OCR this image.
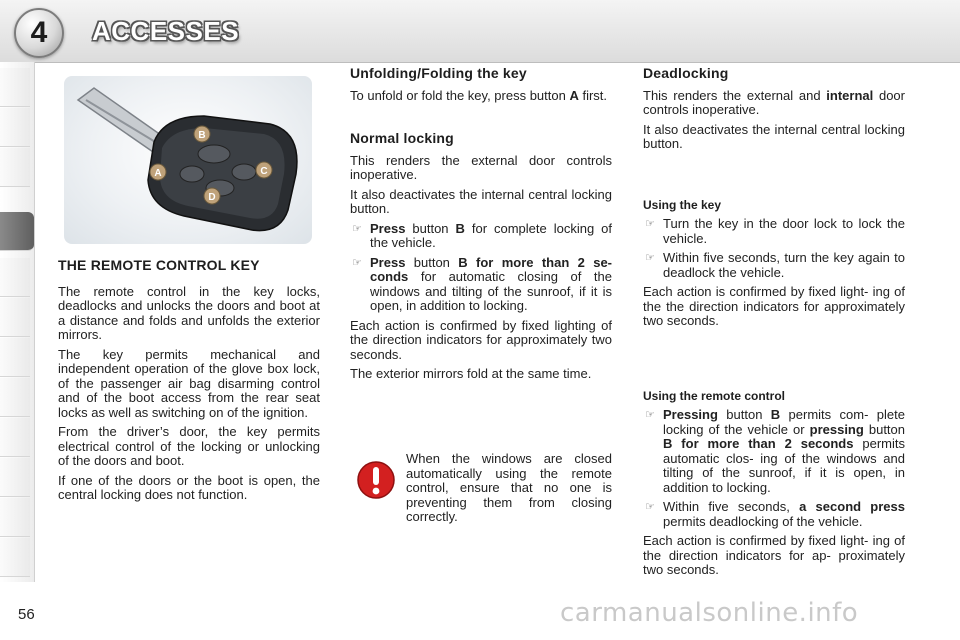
4	ACCESSES
B
A	C
D
THE REMOTE CONTROL KEY

The remote control in the key locks, deadlocks and unlocks the doors and boot at a distance and folds and unfolds the exterior mirrors.

The key permits mechanical and independent operation of the glove box lock, of the passenger air bag disarming control and of the boot access from the rear seat locks as well as switching on of the ignition.

From the driver’s door, the key permits electrical control of the locking or unlocking of the doors and boot.

If one of the doors or the boot is open, the central locking does not function.

Unfolding/Folding the key

To unfold or fold the key, press button A first.

Normal locking

This renders the external door controls inoperative.

It also deactivates the internal central locking button.

☞ Press button B for complete locking of the vehicle.
☞ Press button B for more than 2 se- conds for automatic closing of the windows and tilting of the sunroof, if it is open, in addition to locking.

Each action is confirmed by fixed lighting of the direction indicators for approximately two seconds.

The exterior mirrors fold at the same time.

When the windows are closed automatically using the remote control, ensure that no one is preventing them from closing correctly.
Deadlocking

This renders the external and internal door controls inoperative.

It also deactivates the internal central locking button.

Using the key
☞ Turn the key in the door lock to lock the vehicle.
☞ Within five seconds, turn the key again to deadlock the vehicle.

Each action is confirmed by fixed light- ing of the the direction indicators for approximately two seconds.

Using the remote control
☞ Pressing button B permits com- plete locking of the vehicle or pressing button B for more than 2 seconds permits automatic clos- ing of the windows and tilting of the sunroof, if it is open, in addition to locking.
☞ Within five seconds, a second press permits deadlocking of the vehicle.

Each action is confirmed by fixed light- ing of the direction indicators for ap- proximately two seconds.

56	carmanualsonline.info
